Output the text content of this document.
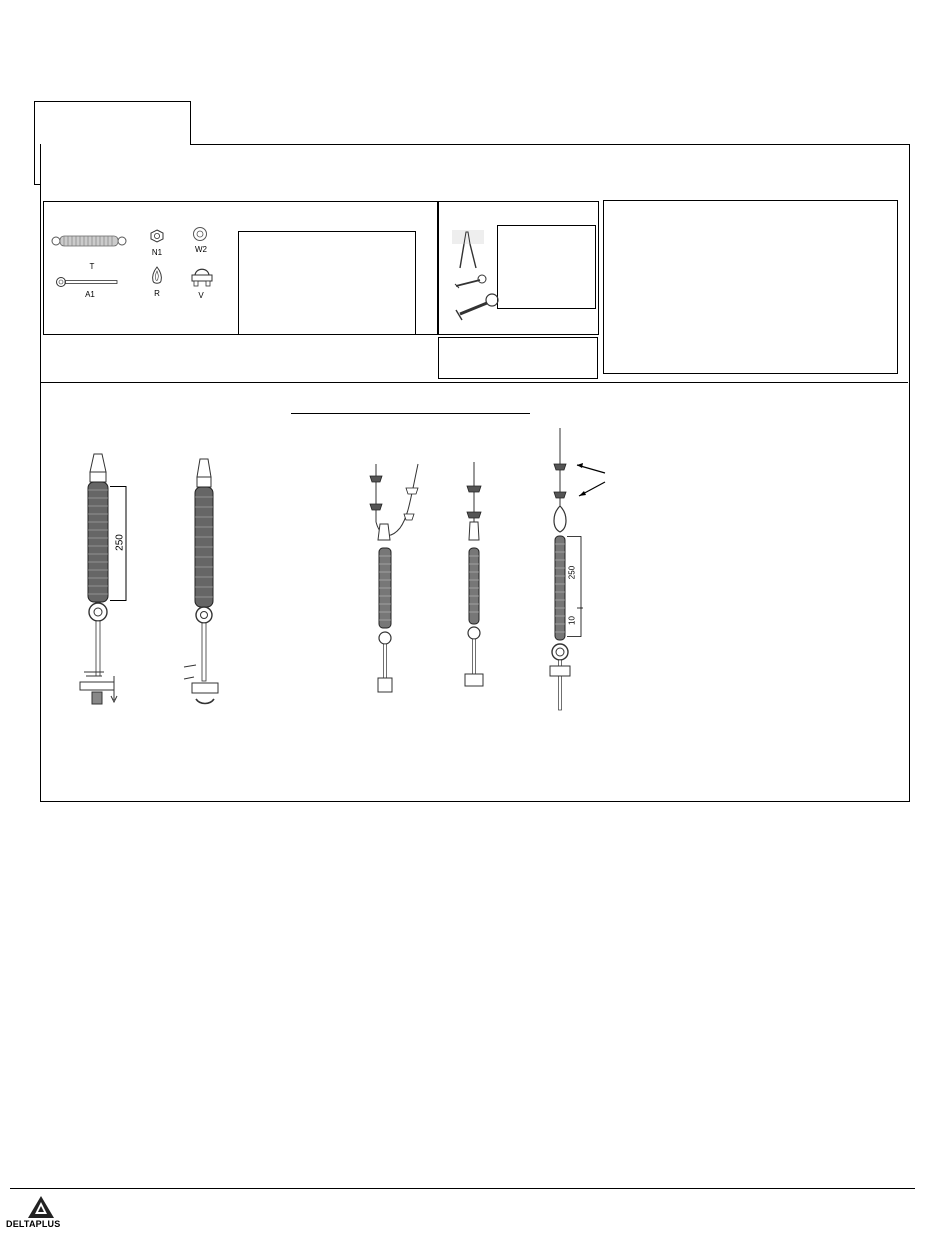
T
A1
N1	W2
R	V
250
250
10
DELTAPLUS
